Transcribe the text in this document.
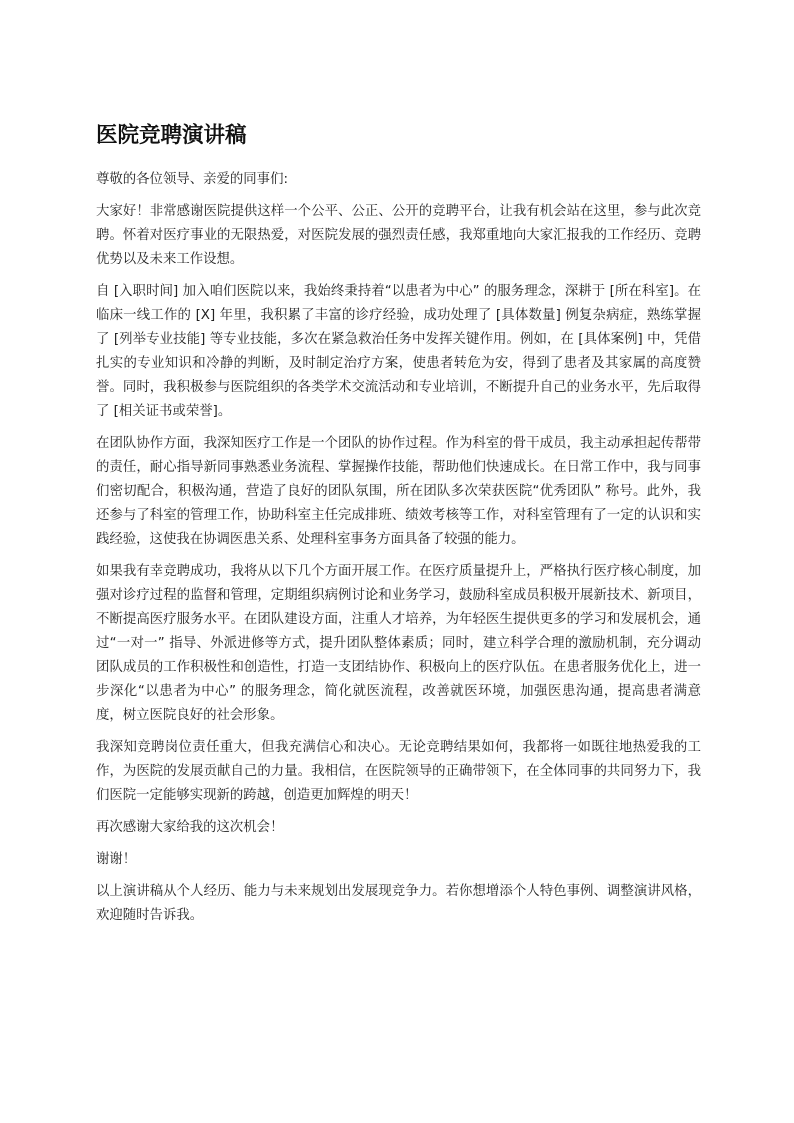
医院竞聘演讲稿

尊敬的各位领导、亲爱的同事们:

大家好！非常感谢医院提供这样一个公平、公正、公开的竞聘平台，让我有机会站在这里，参与此次竞聘。怀着对医疗事业的无限热爱，对医院发展的强烈责任感，我郑重地向大家汇报我的工作经历、竞聘优势以及未来工作设想。

自 [入职时间] 加入咱们医院以来，我始终秉持着“以患者为中心” 的服务理念，深耕于 [所在科室]。在临床一线工作的 [X] 年里，我积累了丰富的诊疗经验，成功处理了 [具体数量] 例复杂病症，熟练掌握了 [列举专业技能] 等专业技能，多次在紧急救治任务中发挥关键作用。例如，在 [具体案例] 中，凭借扎实的专业知识和冷静的判断，及时制定治疗方案，使患者转危为安，得到了患者及其家属的高度赞誉。同时，我积极参与医院组织的各类学术交流活动和专业培训，不断提升自己的业务水平，先后取得了 [相关证书或荣誉]。

在团队协作方面，我深知医疗工作是一个团队的协作过程。作为科室的骨干成员，我主动承担起传帮带的责任，耐心指导新同事熟悉业务流程、掌握操作技能，帮助他们快速成长。在日常工作中，我与同事们密切配合，积极沟通，营造了良好的团队氛围，所在团队多次荣获医院“优秀团队” 称号。此外，我还参与了科室的管理工作，协助科室主任完成排班、绩效考核等工作，对科室管理有了一定的认识和实践经验，这使我在协调医患关系、处理科室事务方面具备了较强的能力。

如果我有幸竞聘成功，我将从以下几个方面开展工作。在医疗质量提升上，严格执行医疗核心制度，加强对诊疗过程的监督和管理，定期组织病例讨论和业务学习，鼓励科室成员积极开展新技术、新项目，不断提高医疗服务水平。在团队建设方面，注重人才培养，为年轻医生提供更多的学习和发展机会，通过“一对一” 指导、外派进修等方式，提升团队整体素质；同时，建立科学合理的激励机制，充分调动团队成员的工作积极性和创造性，打造一支团结协作、积极向上的医疗队伍。在患者服务优化上，进一步深化“以患者为中心” 的服务理念，简化就医流程，改善就医环境，加强医患沟通，提高患者满意度，树立医院良好的社会形象。

我深知竞聘岗位责任重大，但我充满信心和决心。无论竞聘结果如何，我都将一如既往地热爱我的工作，为医院的发展贡献自己的力量。我相信，在医院领导的正确带领下，在全体同事的共同努力下，我们医院一定能够实现新的跨越，创造更加辉煌的明天！

再次感谢大家给我的这次机会！

谢谢！

以上演讲稿从个人经历、能力与未来规划出发展现竞争力。若你想增添个人特色事例、调整演讲风格，欢迎随时告诉我。
